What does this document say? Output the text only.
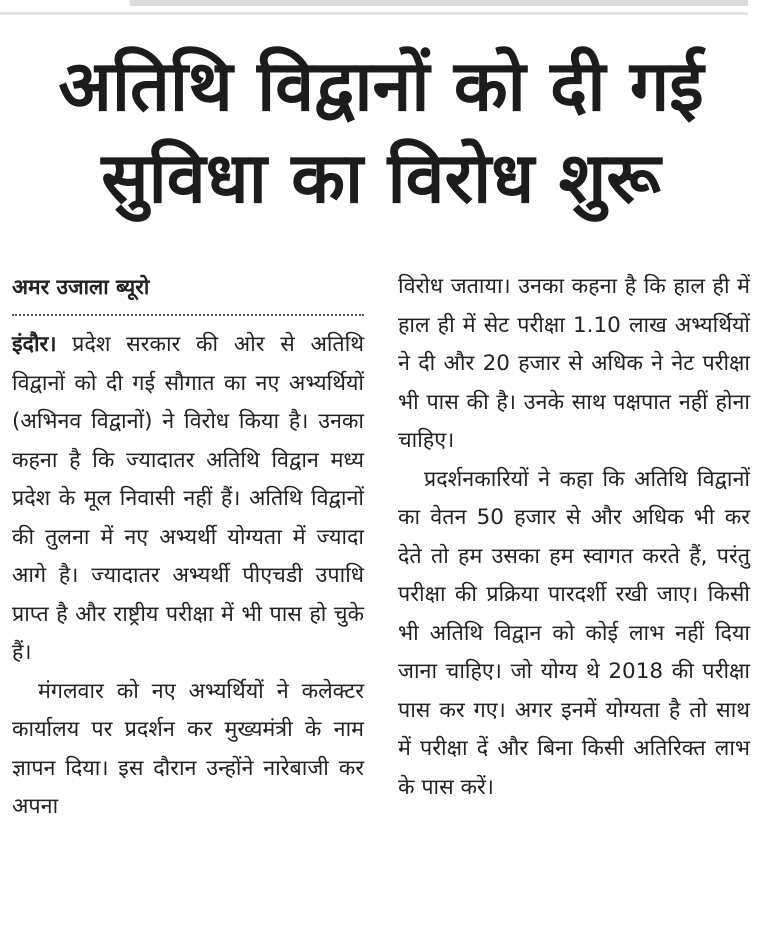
अतिथि विद्वानों को दी गई
सुविधा का विरोध शुरू
अमर उजाला ब्यूरो

इंदौर। प्रदेश सरकार की ओर से अतिथि विद्वानों को दी गई सौगात का नए अभ्यर्थियों (अभिनव विद्वानों) ने विरोध किया है। उनका कहना है कि ज्यादातर अतिथि विद्वान मध्य प्रदेश के मूल निवासी नहीं हैं। अतिथि विद्वानों की तुलना में नए अभ्यर्थी योग्यता में ज्यादा आगे है। ज्यादातर अभ्यर्थी पीएचडी उपाधि प्राप्त है और राष्ट्रीय परीक्षा में भी पास हो चुके हैं।

मंगलवार को नए अभ्यर्थियों ने कलेक्टर कार्यालय पर प्रदर्शन कर मुख्यमंत्री के नाम ज्ञापन दिया। इस दौरान उन्होंने नारेबाजी कर अपना

विरोध जताया। उनका कहना है कि हाल ही में हाल ही में सेट परीक्षा 1.10 लाख अभ्यर्थियों ने दी और 20 हजार से अधिक ने नेट परीक्षा भी पास की है। उनके साथ पक्षपात नहीं होना चाहिए।

प्रदर्शनकारियों ने कहा कि अतिथि विद्वानों का वेतन 50 हजार से और अधिक भी कर देते तो हम उसका हम स्वागत करते हैं, परंतु परीक्षा की प्रक्रिया पारदर्शी रखी जाए। किसी भी अतिथि विद्वान को कोई लाभ नहीं दिया जाना चाहिए। जो योग्य थे 2018 की परीक्षा पास कर गए। अगर इनमें योग्यता है तो साथ में परीक्षा दें और बिना किसी अतिरिक्त लाभ के पास करें।
